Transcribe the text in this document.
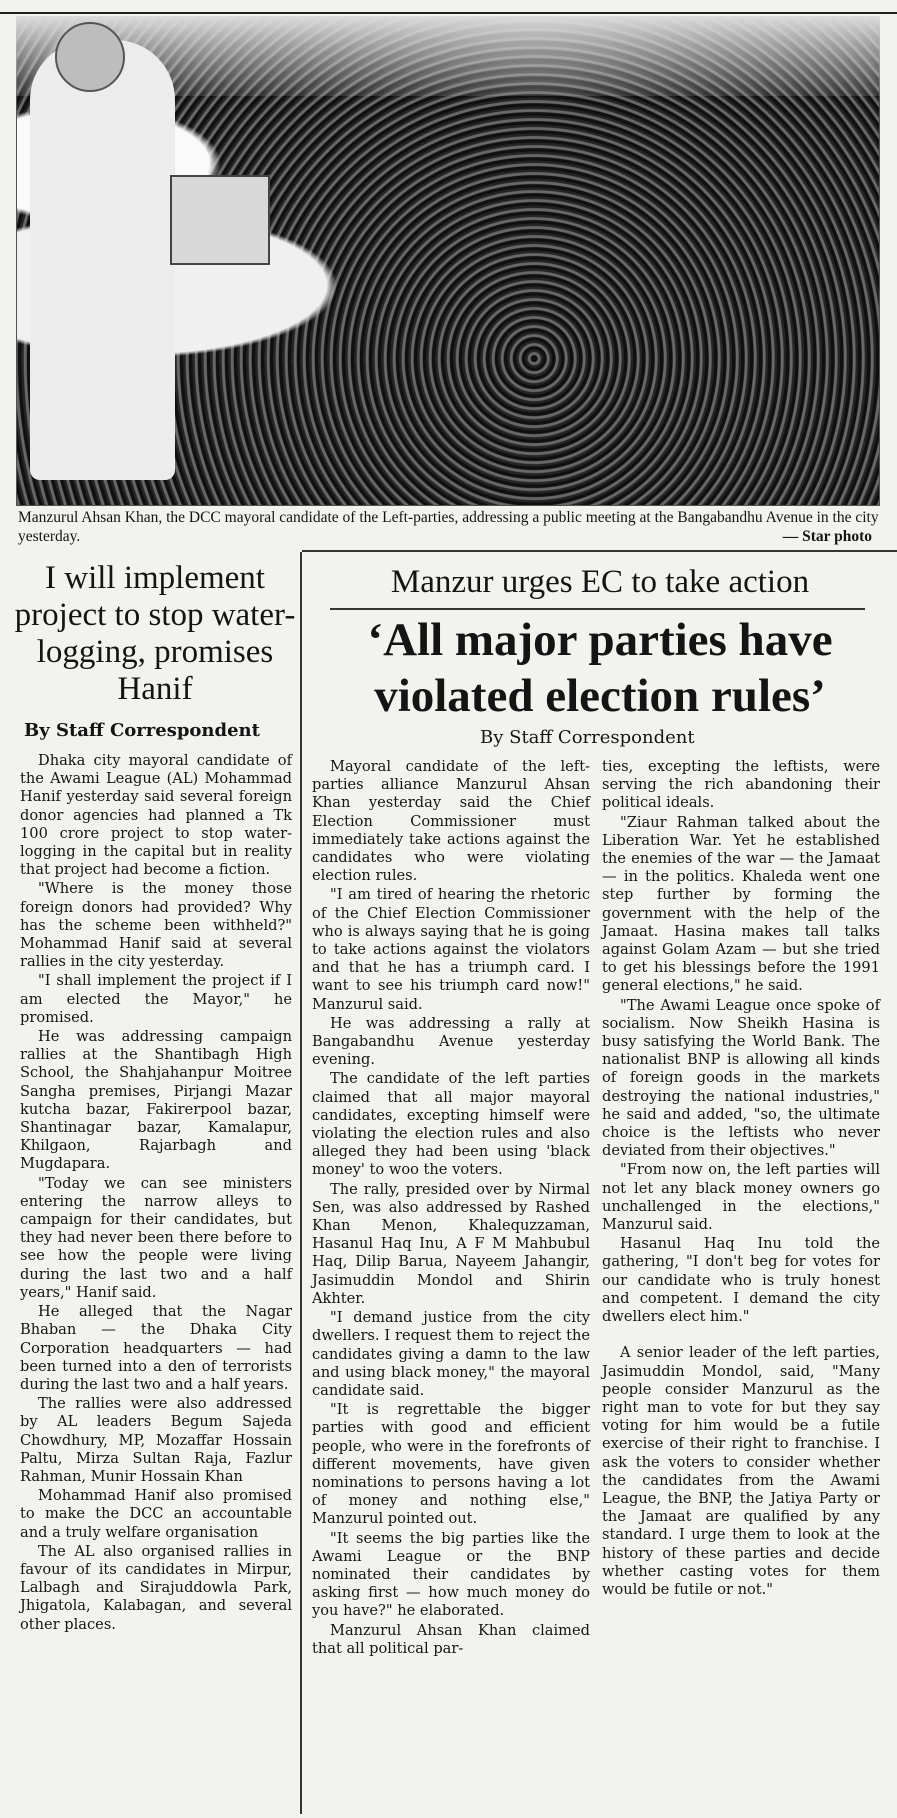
Manzurul Ahsan Khan, the DCC mayoral candidate of the Left-parties, addressing a public meeting at the Bangabandhu Avenue in the city yesterday.	— Star photo
I will implement project to stop water-logging, promises Hanif
By Staff Correspondent
Manzur urges EC to take action
‘All major parties have violated election rules’
By Staff Correspondent

Dhaka city mayoral candidate of the Awami League (AL) Mohammad Hanif yesterday said several foreign donor agencies had planned a Tk 100 crore project to stop water-logging in the capital but in reality that project had become a fiction.

"Where is the money those foreign donors had provided? Why has the scheme been withheld?" Mohammad Hanif said at several rallies in the city yesterday.

"I shall implement the project if I am elected the Mayor," he promised.

He was addressing campaign rallies at the Shantibagh High School, the Shahjahanpur Moitree Sangha premises, Pirjangi Mazar kutcha bazar, Fakirerpool bazar, Shantinagar bazar, Kamalapur, Khilgaon, Rajarbagh and Mugdapara.

"Today we can see ministers entering the narrow alleys to campaign for their candidates, but they had never been there before to see how the people were living during the last two and a half years," Hanif said.

He alleged that the Nagar Bhaban — the Dhaka City Corporation headquarters — had been turned into a den of terrorists during the last two and a half years.

The rallies were also addressed by AL leaders Begum Sajeda Chowdhury, MP, Mozaffar Hossain Paltu, Mirza Sultan Raja, Fazlur Rahman, Munir Hossain Khan

Mohammad Hanif also promised to make the DCC an accountable and a truly welfare organisation

The AL also organised rallies in favour of its candidates in Mirpur, Lalbagh and Sirajuddowla Park, Jhigatola, Kalabagan, and several other places.

Mayoral candidate of the left-parties alliance Manzurul Ahsan Khan yesterday said the Chief Election Commissioner must immediately take actions against the candidates who were violating election rules.

"I am tired of hearing the rhetoric of the Chief Election Commissioner who is always saying that he is going to take actions against the violators and that he has a triumph card. I want to see his triumph card now!" Manzurul said.

He was addressing a rally at Bangabandhu Avenue yesterday evening.

The candidate of the left parties claimed that all major mayoral candidates, excepting himself were violating the election rules and also alleged they had been using 'black money' to woo the voters.

The rally, presided over by Nirmal Sen, was also addressed by Rashed Khan Menon, Khalequzzaman, Hasanul Haq Inu, A F M Mahbubul Haq, Dilip Barua, Nayeem Jahangir, Jasimuddin Mondol and Shirin Akhter.

"I demand justice from the city dwellers. I request them to reject the candidates giving a damn to the law and using black money," the mayoral candidate said.

"It is regrettable the bigger parties with good and efficient people, who were in the forefronts of different movements, have given nominations to persons having a lot of money and nothing else," Manzurul pointed out.

"It seems the big parties like the Awami League or the BNP nominated their candidates by asking first — how much money do you have?" he elaborated.

Manzurul Ahsan Khan claimed that all political par-

ties, excepting the leftists, were serving the rich abandoning their political ideals.

"Ziaur Rahman talked about the Liberation War. Yet he established the enemies of the war — the Jamaat — in the politics. Khaleda went one step further by forming the government with the help of the Jamaat. Hasina makes tall talks against Golam Azam — but she tried to get his blessings before the 1991 general elections," he said.

"The Awami League once spoke of socialism. Now Sheikh Hasina is busy satisfying the World Bank. The nationalist BNP is allowing all kinds of foreign goods in the markets destroying the national industries," he said and added, "so, the ultimate choice is the leftists who never deviated from their objectives."

"From now on, the left parties will not let any black money owners go unchallenged in the elections," Manzurul said.

Hasanul Haq Inu told the gathering, "I don't beg for votes for our candidate who is truly honest and competent. I demand the city dwellers elect him."

A senior leader of the left parties, Jasimuddin Mondol, said, "Many people consider Manzurul as the right man to vote for but they say voting for him would be a futile exercise of their right to franchise. I ask the voters to consider whether the candidates from the Awami League, the BNP, the Jatiya Party or the Jamaat are qualified by any standard. I urge them to look at the history of these parties and decide whether casting votes for them would be futile or not."
